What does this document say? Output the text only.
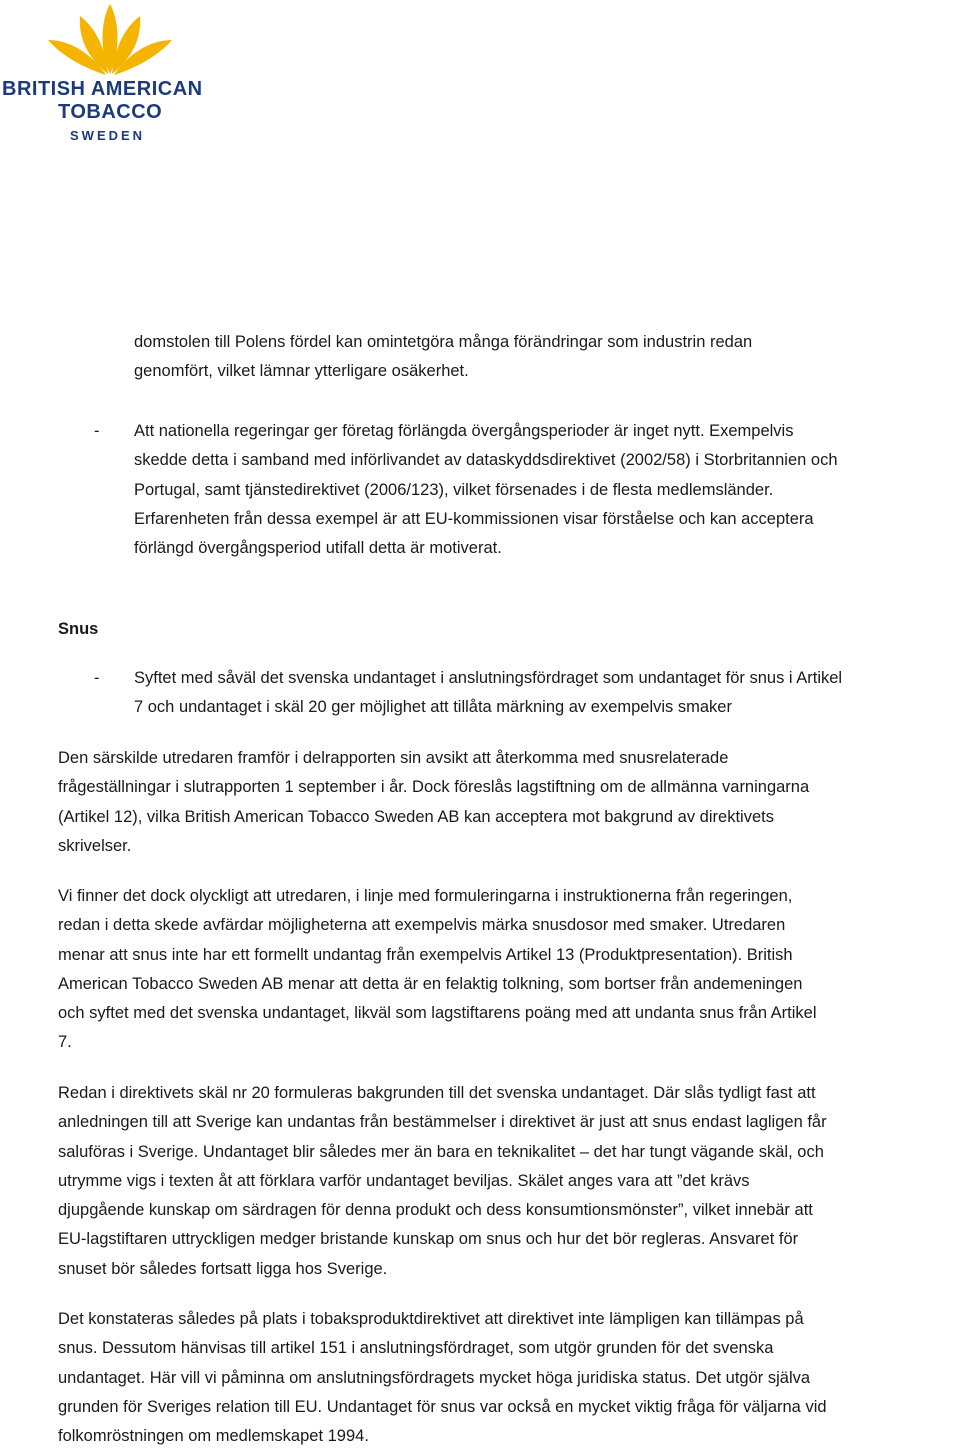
BRITISH AMERICAN
TOBACCO
SWEDEN
domstolen till Polens fördel kan omintetgöra många förändringar som industrin redan
genomfört, vilket lämnar ytterligare osäkerhet.
- Att nationella regeringar ger företag förlängda övergångsperioder är inget nytt. Exempelvis
skedde detta i samband med införlivandet av dataskyddsdirektivet (2002/58) i Storbritannien och
Portugal, samt tjänstedirektivet (2006/123), vilket försenades i de flesta medlemsländer.
Erfarenheten från dessa exempel är att EU-kommissionen visar förståelse och kan acceptera
förlängd övergångsperiod utifall detta är motiverat.
Snus
- Syftet med såväl det svenska undantaget i anslutningsfördraget som undantaget för snus i Artikel
7 och undantaget i skäl 20 ger möjlighet att tillåta märkning av exempelvis smaker
Den särskilde utredaren framför i delrapporten sin avsikt att återkomma med snusrelaterade
frågeställningar i slutrapporten 1 september i år. Dock föreslås lagstiftning om de allmänna varningarna
(Artikel 12), vilka British American Tobacco Sweden AB kan acceptera mot bakgrund av direktivets
skrivelser.
Vi finner det dock olyckligt att utredaren, i linje med formuleringarna i instruktionerna från regeringen,
redan i detta skede avfärdar möjligheterna att exempelvis märka snusdosor med smaker. Utredaren
menar att snus inte har ett formellt undantag från exempelvis Artikel 13 (Produktpresentation). British
American Tobacco Sweden AB menar att detta är en felaktig tolkning, som bortser från andemeningen
och syftet med det svenska undantaget, likväl som lagstiftarens poäng med att undanta snus från Artikel
7.
Redan i direktivets skäl nr 20 formuleras bakgrunden till det svenska undantaget. Där slås tydligt fast att
anledningen till att Sverige kan undantas från bestämmelser i direktivet är just att snus endast lagligen får
saluföras i Sverige. Undantaget blir således mer än bara en teknikalitet – det har tungt vägande skäl, och
utrymme vigs i texten åt att förklara varför undantaget beviljas. Skälet anges vara att ”det krävs
djupgående kunskap om särdragen för denna produkt och dess konsumtionsmönster”, vilket innebär att
EU-lagstiftaren uttryckligen medger bristande kunskap om snus och hur det bör regleras. Ansvaret för
snuset bör således fortsatt ligga hos Sverige.
Det konstateras således på plats i tobaksproduktdirektivet att direktivet inte lämpligen kan tillämpas på
snus. Dessutom hänvisas till artikel 151 i anslutningsfördraget, som utgör grunden för det svenska
undantaget. Här vill vi påminna om anslutningsfördragets mycket höga juridiska status. Det utgör själva
grunden för Sveriges relation till EU. Undantaget för snus var också en mycket viktig fråga för väljarna vid
folkomröstningen om medlemskapet 1994.
